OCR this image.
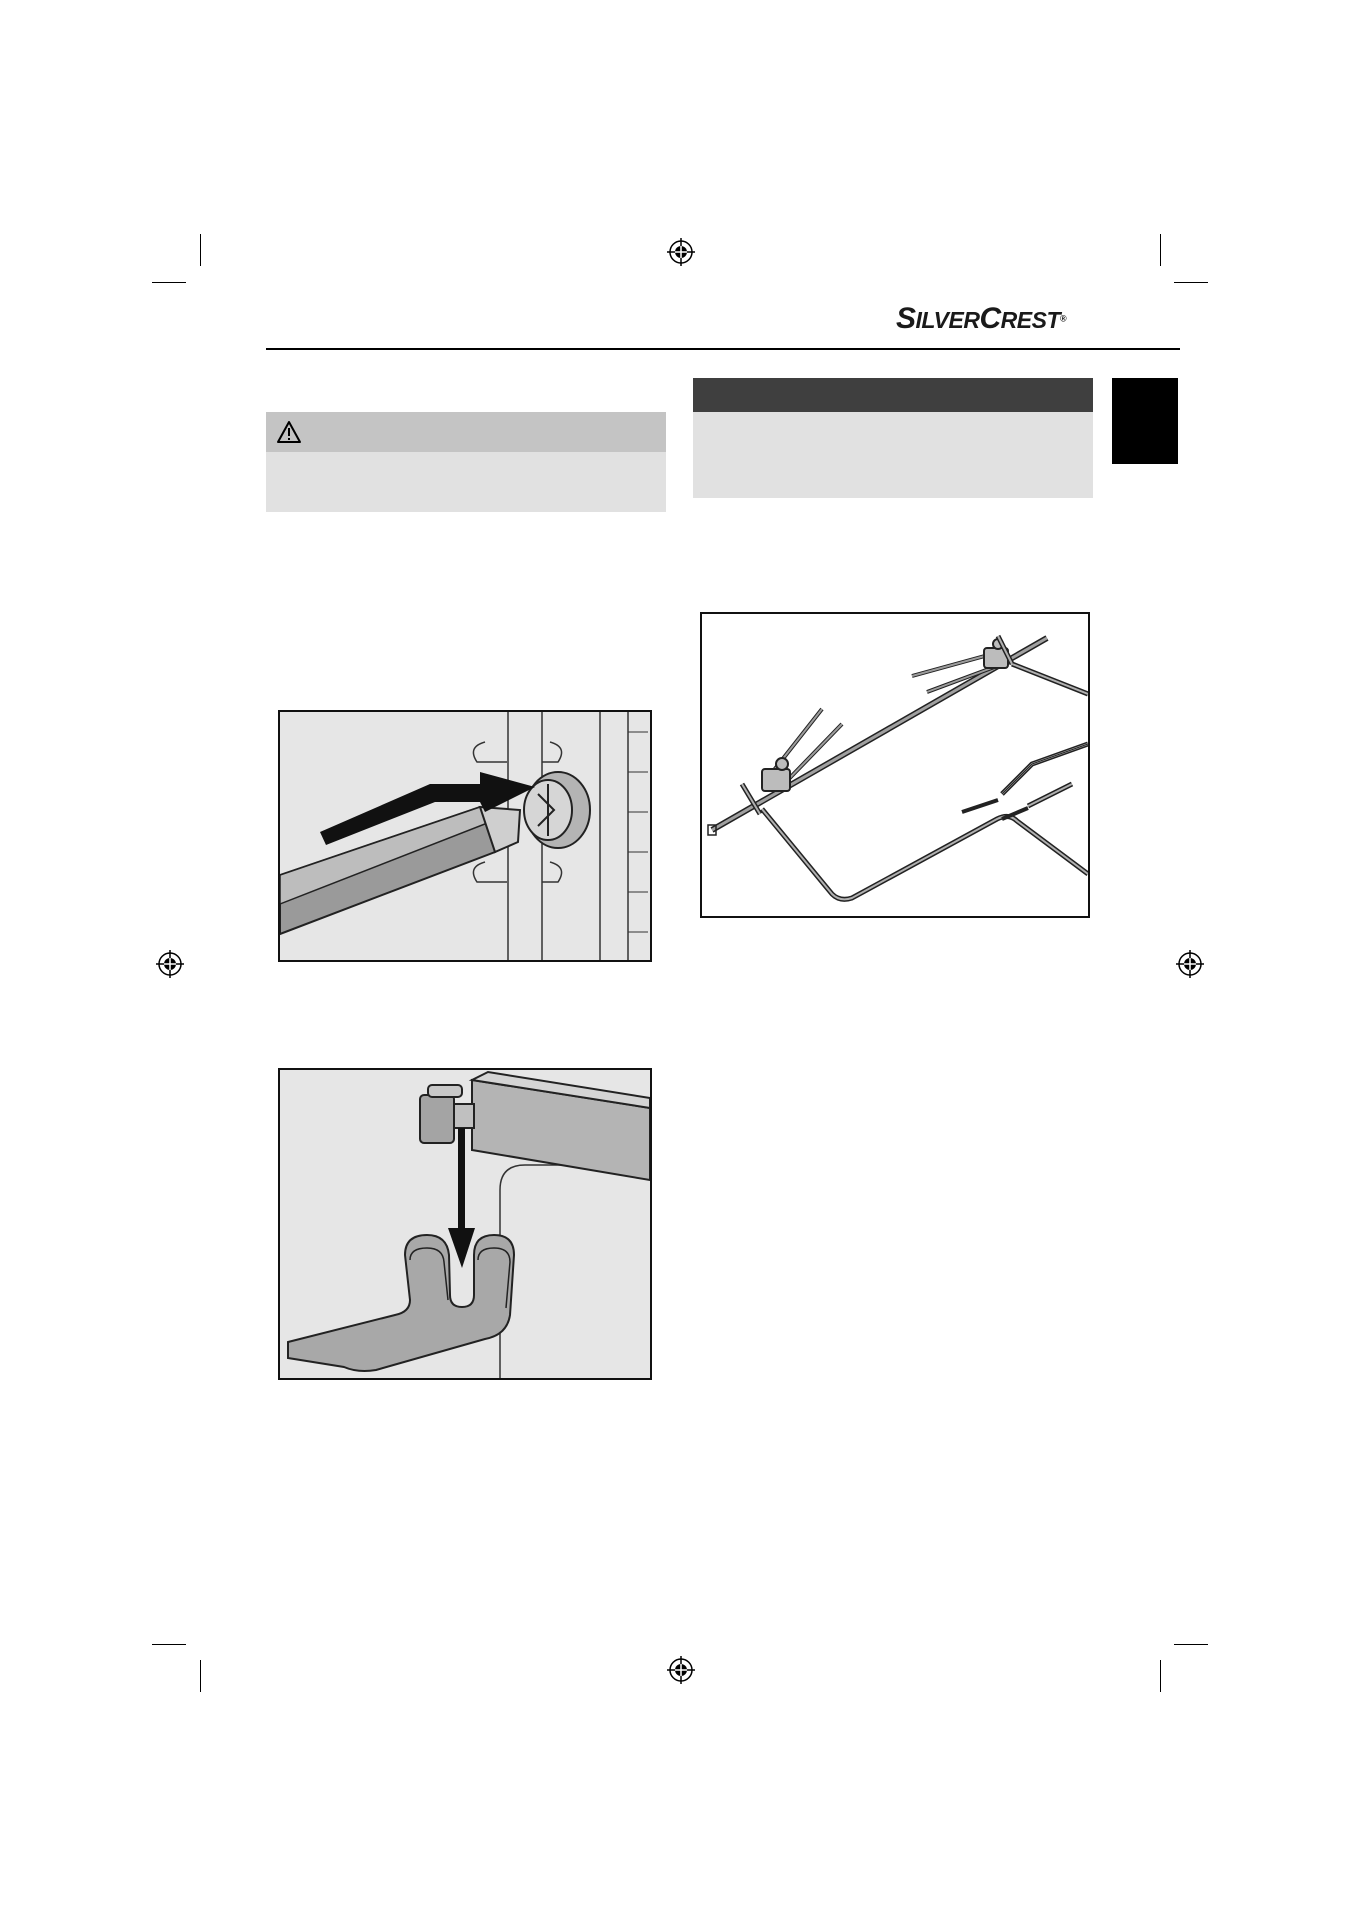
SILVERCREST®
